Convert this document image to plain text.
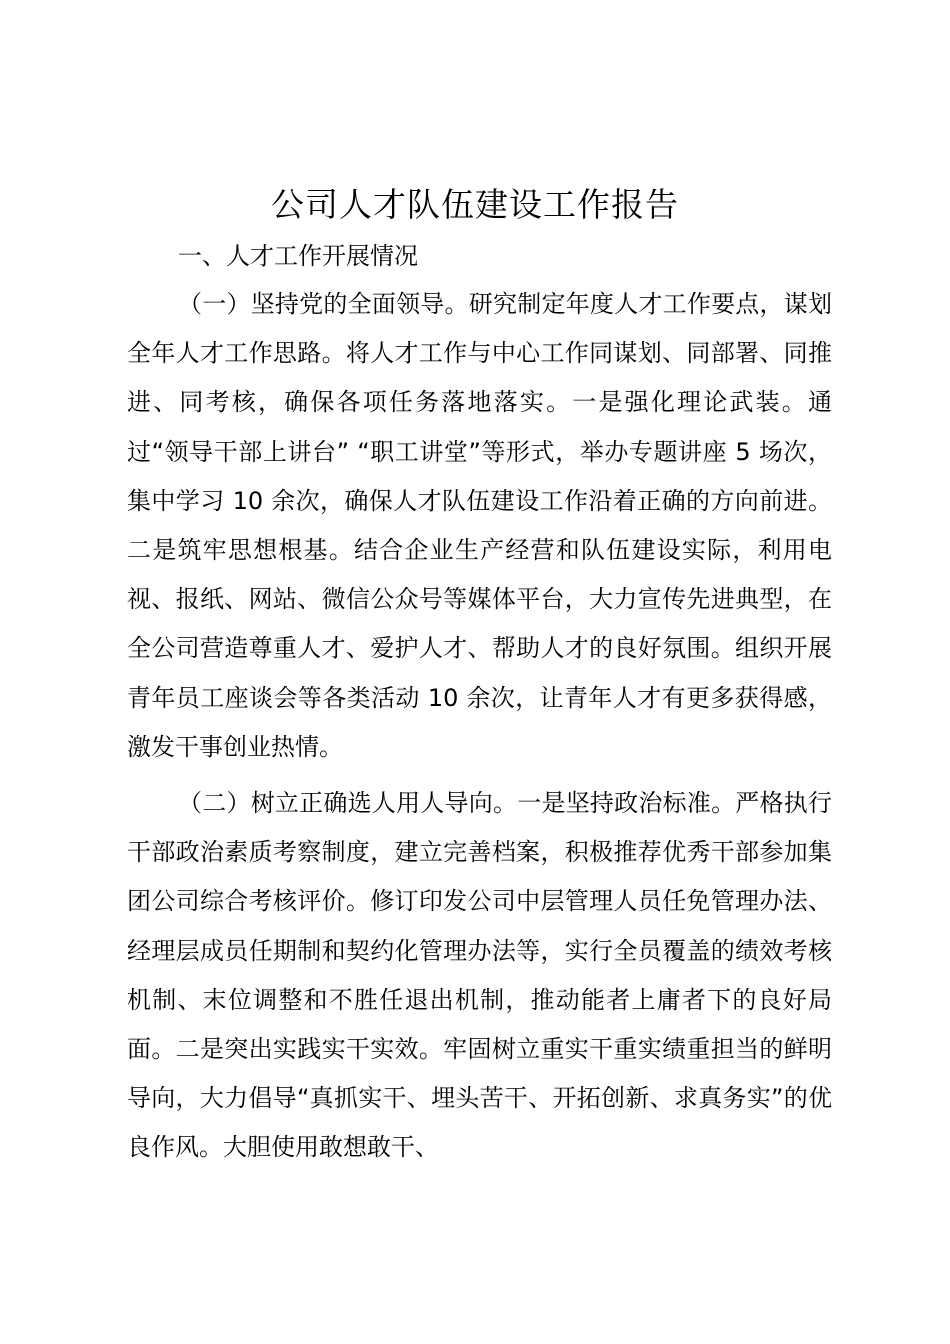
公司人才队伍建设工作报告

一、人才工作开展情况

（一）坚持党的全面领导。研究制定年度人才工作要点，谋划全年人才工作思路。将人才工作与中心工作同谋划、同部署、同推进、同考核，确保各项任务落地落实。一是强化理论武装。通过“领导干部上讲台” “职工讲堂”等形式，举办专题讲座 5 场次，集中学习 10 余次，确保人才队伍建设工作沿着正确的方向前进。二是筑牢思想根基。结合企业生产经营和队伍建设实际，利用电视、报纸、网站、微信公众号等媒体平台，大力宣传先进典型，在全公司营造尊重人才、爱护人才、帮助人才的良好氛围。组织开展青年员工座谈会等各类活动 10 余次，让青年人才有更多获得感，激发干事创业热情。

（二）树立正确选人用人导向。一是坚持政治标准。严格执行干部政治素质考察制度，建立完善档案，积极推荐优秀干部参加集团公司综合考核评价。修订印发公司中层管理人员任免管理办法、经理层成员任期制和契约化管理办法等，实行全员覆盖的绩效考核机制、末位调整和不胜任退出机制，推动能者上庸者下的良好局面。二是突出实践实干实效。牢固树立重实干重实绩重担当的鲜明导向，大力倡导“真抓实干、埋头苦干、开拓创新、求真务实”的优良作风。大胆使用敢想敢干、
